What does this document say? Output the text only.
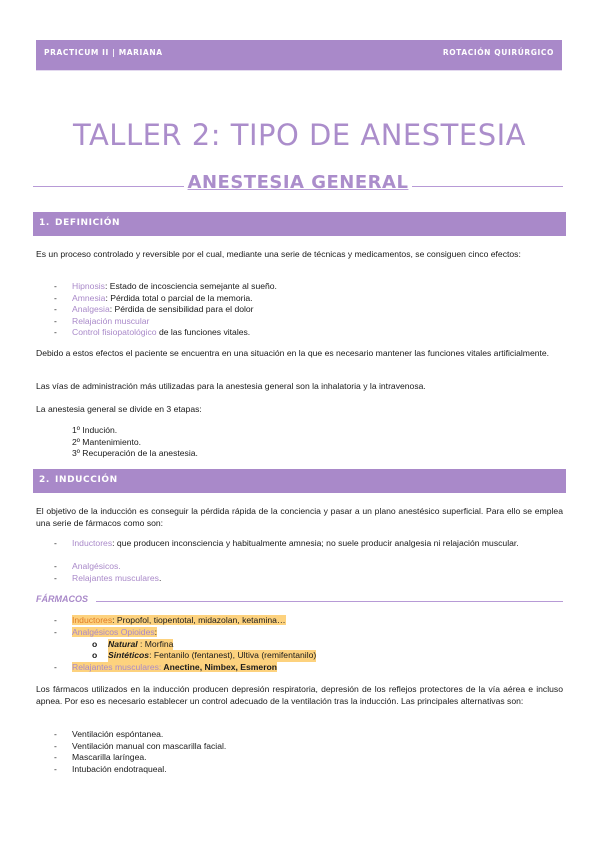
PRACTICUM II | MARIANA	ROTACIÓN QUIRÚRGICO
TALLER 2: TIPO DE ANESTESIA
ANESTESIA GENERAL
1. DEFINICIÓN

Es un proceso controlado y reversible por el cual, mediante una serie de técnicas y medicamentos, se consiguen cinco efectos:

- Hipnosis: Estado de incosciencia semejante al sueño.
- Amnesia: Pérdida total o parcial de la memoria.
- Analgesia: Pérdida de sensibilidad para el dolor
- Relajación muscular
- Control fisiopatológico de las funciones vitales.

Debido a estos efectos el paciente se encuentra en una situación en la que es necesario mantener las funciones vitales artificialmente.

Las vías de administración más utilizadas para la anestesia general son la inhalatoria y la intravenosa.

La anestesia general se divide en 3 etapas:

1º Indución.
2º Mantenimiento.
3º Recuperación de la anestesia.
2. INDUCCIÓN

El objetivo de la inducción es conseguir la pérdida rápida de la conciencia y pasar a un plano anestésico superficial. Para ello se emplea una serie de fármacos como son:

- Inductores: que producen inconsciencia y habitualmente amnesia; no suele producir analgesia ni relajación muscular.
- Analgésicos.
- Relajantes musculares.
FÁRMACOS
- Inductores: Propofol, tiopentotal, midazolan, ketamina…
- Analgésicos Opioides:
o Natural : Morfina
o Sintéticos: Fentanilo (fentanest), Ultiva (remifentanilo)
- Relajantes musculares: Anectine, Nimbex, Esmeron

Los fármacos utilizados en la inducción producen depresión respiratoria, depresión de los reflejos protectores de la vía aérea e incluso apnea. Por eso es necesario establecer un control adecuado de la ventilación tras la inducción. Las principales alternativas son:

- Ventilación espóntanea.
- Ventilación manual con mascarilla facial.
- Mascarilla laríngea.
- Intubación endotraqueal.
